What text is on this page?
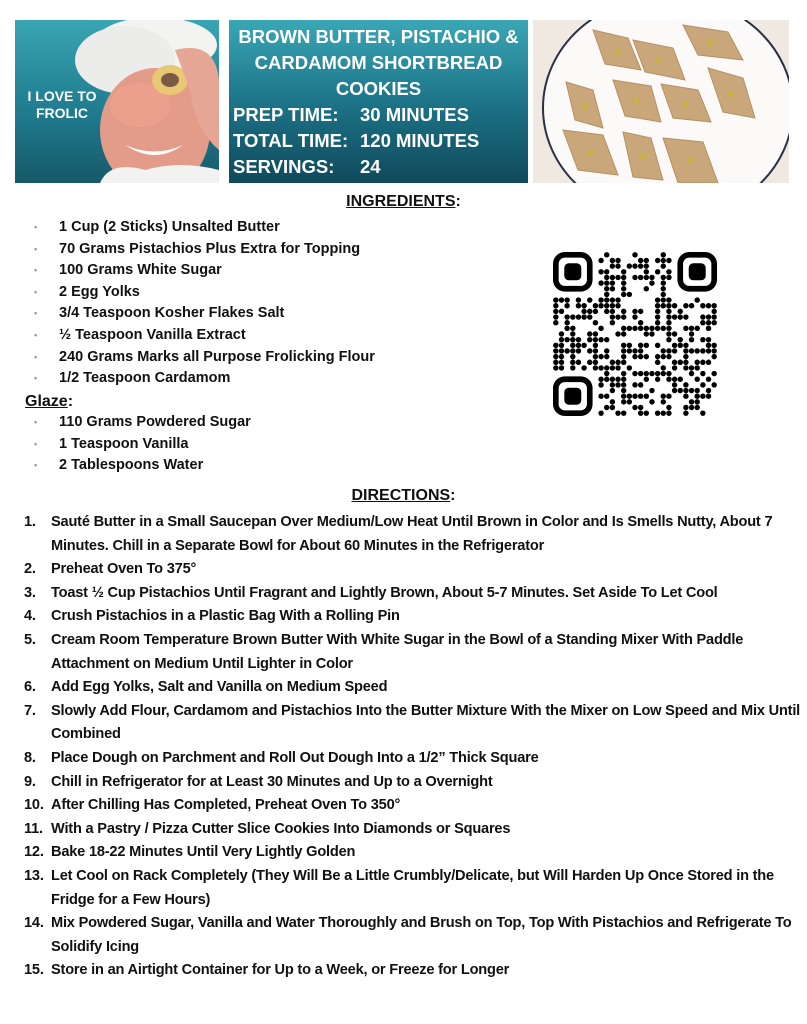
I LOVE TO FROLIC
BROWN BUTTER, PISTACHIO & CARDAMOM SHORTBREAD COOKIES
PREP TIME:	30 MINUTES
TOTAL TIME: 120 MINUTES
SERVINGS:	24
INGREDIENTS:
• 1 Cup (2 Sticks) Unsalted Butter
• 70 Grams Pistachios Plus Extra for Topping
• 100 Grams White Sugar
• 2 Egg Yolks
• 3/4 Teaspoon Kosher Flakes Salt
• ½ Teaspoon Vanilla Extract
• 240 Grams Marks all Purpose Frolicking Flour
• 1/2 Teaspoon Cardamom
Glaze:
• 110 Grams Powdered Sugar
• 1 Teaspoon Vanilla
• 2 Tablespoons Water
DIRECTIONS:
1.	Sauté Butter in a Small Saucepan Over Medium/Low Heat Until Brown in Color and Is Smells Nutty, About 7 Minutes. Chill in a Separate Bowl for About 60 Minutes in the Refrigerator
2.	Preheat Oven To 375°
3.	Toast ½ Cup Pistachios Until Fragrant and Lightly Brown, About 5-7 Minutes. Set Aside To Let Cool
4.	Crush Pistachios in a Plastic Bag With a Rolling Pin
5.	Cream Room Temperature Brown Butter With White Sugar in the Bowl of a Standing Mixer With Paddle Attachment on Medium Until Lighter in Color
6.	Add Egg Yolks, Salt and Vanilla on Medium Speed
7.	Slowly Add Flour, Cardamom and Pistachios Into the Butter Mixture With the Mixer on Low Speed and Mix Until Combined
8.	Place Dough on Parchment and Roll Out Dough Into a 1/2” Thick Square
9.	Chill in Refrigerator for at Least 30 Minutes and Up to a Overnight
10. After Chilling Has Completed, Preheat Oven To 350°
11. With a Pastry / Pizza Cutter Slice Cookies Into Diamonds or Squares
12. Bake 18-22 Minutes Until Very Lightly Golden
13. Let Cool on Rack Completely (They Will Be a Little Crumbly/Delicate, but Will Harden Up Once Stored in the Fridge for a Few Hours)
14. Mix Powdered Sugar, Vanilla and Water Thoroughly and Brush on Top, Top With Pistachios and Refrigerate To Solidify Icing
15. Store in an Airtight Container for Up to a Week, or Freeze for Longer
